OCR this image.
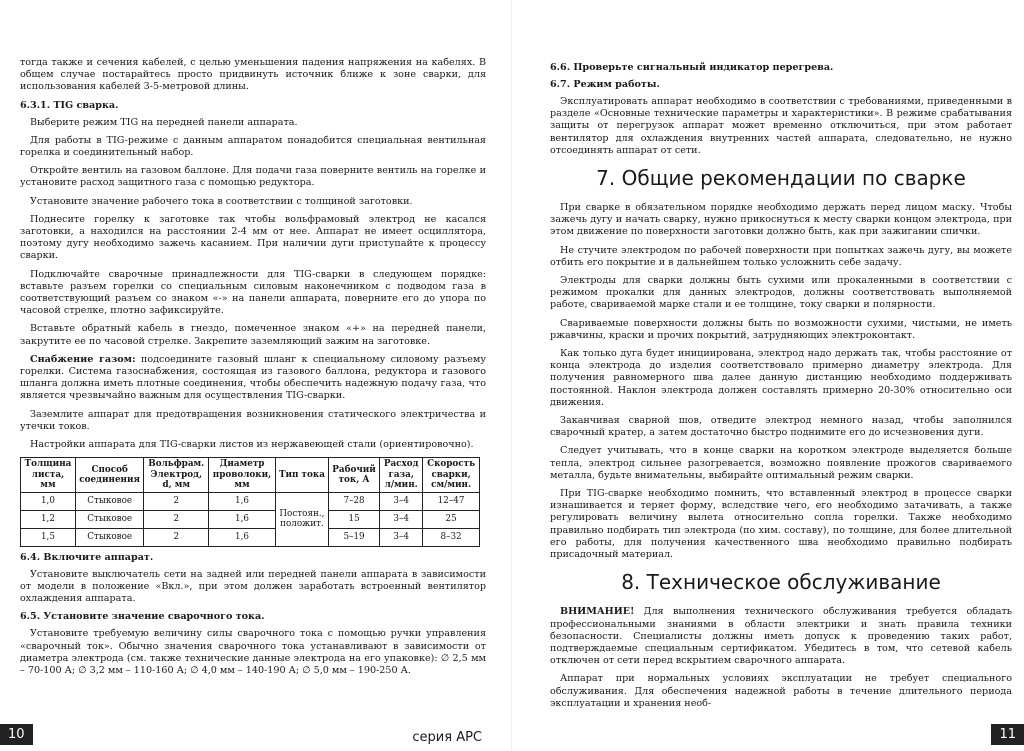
тогда также и сечения кабелей, с целью уменьшения падения напряжения на кабелях. В общем случае постарайтесь просто придвинуть источник ближе к зоне сварки, для использования кабелей 3-5-метровой длины.

6.3.1. TIG сварка.

Выберите режим TIG на передней панели аппарата.

Для работы в TIG-режиме с данным аппаратом понадобится специальная вентильная горелка и соединительный набор.

Откройте вентиль на газовом баллоне. Для подачи газа поверните вентиль на горелке и установите расход защитного газа с помощью редуктора.

Установите значение рабочего тока в соответствии с толщиной заготовки.

Поднесите горелку к заготовке так чтобы вольфрамовый электрод не касался заготовки, а находился на расстоянии 2-4 мм от нее. Аппарат не имеет осциллятора, поэтому дугу необходимо зажечь касанием. При наличии дуги приступайте к процессу сварки.

Подключайте сварочные принадлежности для TIG-сварки в следующем порядке: вставьте разъем горелки со специальным силовым наконечником с подводом газа в соответствующий разъем со знаком «-» на панели аппарата, поверните его до упора по часовой стрелке, плотно зафиксируйте.

Вставьте обратный кабель в гнездо, помеченное знаком «+» на передней панели, закрутите ее по часовой стрелке. Закрепите заземляющий зажим на заготовке.

Снабжение газом: подсоедините газовый шланг к специальному силовому разъему горелки. Система газоснабжения, состоящая из газового баллона, редуктора и газового шланга должна иметь плотные соединения, чтобы обеспечить надежную подачу газа, что является чрезвычайно важным для осуществления TIG-сварки.

Заземлите аппарат для предотвращения возникновения статического электричества и утечки токов.

Настройки аппарата для TIG-сварки листов из нержавеющей стали (ориентировочно).

Толщина листа, мм	Способ соединения	Вольфрам. Электрод, d, мм	Диаметр проволоки, мм	Тип тока	Рабочий ток, А	Расход газа, л/мин.	Скорость сварки, см/мин.
1,0	Стыковое	2	1,6	Постоян., положит.	7–28	3–4	12–47
1,2	Стыковое	2	1,6		15	3–4	25
1,5	Стыковое	2	1,6		5–19	3–4	8–32
6.4. Включите аппарат.

Установите выключатель сети на задней или передней панели аппарата в зависимости от модели в положение «Вкл.», при этом должен заработать встроенный вентилятор охлаждения аппарата.

6.5. Установите значение сварочного тока.

Установите требуемую величину силы сварочного тока с помощью ручки управления «сварочный ток». Обычно значения сварочного тока устанавливают в зависимости от диаметра электрода (см. также технические данные электрода на его упаковке): ∅ 2,5 мм – 70-100 А; ∅ 3,2 мм – 110-160 А; ∅ 4,0 мм – 140-190 А; ∅ 5,0 мм – 190-250 А.

10	серия АРС
6.6. Проверьте сигнальный индикатор перегрева.
6.7. Режим работы.

Эксплуатировать аппарат необходимо в соответствии с требованиями, приведенными в разделе «Основные технические параметры и характеристики». В режиме срабатывания защиты от перегрузок аппарат может временно отключиться, при этом работает вентилятор для охлаждения внутренних частей аппарата, следовательно, не нужно отсоединять аппарат от сети.

7. Общие рекомендации по сварке

При сварке в обязательном порядке необходимо держать перед лицом маску. Чтобы зажечь дугу и начать сварку, нужно прикоснуться к месту сварки концом электрода, при этом движение по поверхности заготовки должно быть, как при зажигании спички.

Не стучите электродом по рабочей поверхности при попытках зажечь дугу, вы можете отбить его покрытие и в дальнейшем только усложнить себе задачу.

Электроды для сварки должны быть сухими или прокаленными в соответствии с режимом прокалки для данных электродов, должны соответствовать выполняемой работе, свариваемой марке стали и ее толщине, току сварки и полярности.

Свариваемые поверхности должны быть по возможности сухими, чистыми, не иметь ржавчины, краски и прочих покрытий, затрудняющих электроконтакт.

Как только дуга будет инициирована, электрод надо держать так, чтобы расстояние от конца электрода до изделия соответствовало примерно диаметру электрода. Для получения равномерного шва далее данную дистанцию необходимо поддерживать постоянной. Наклон электрода должен составлять примерно 20-30% относительно оси движения.

Заканчивая сварной шов, отведите электрод немного назад, чтобы заполнился сварочный кратер, а затем достаточно быстро поднимите его до исчезновения дуги.

Следует учитывать, что в конце сварки на коротком электроде выделяется больше тепла, электрод сильнее разогревается, возможно появление прожогов свариваемого металла, будьте внимательны, выбирайте оптимальный режим сварки.

При TIG-сварке необходимо помнить, что вставленный электрод в процессе сварки изнашивается и теряет форму, вследствие чего, его необходимо затачивать, а также регулировать величину вылета относительно сопла горелки. Также необходимо правильно подбирать тип электрода (по хим. составу), по толщине, для более длительной его работы, для получения качественного шва необходимо правильно подбирать присадочный материал.

8. Техническое обслуживание

ВНИМАНИЕ! Для выполнения технического обслуживания требуется обладать профессиональными знаниями в области электрики и знать правила техники безопасности. Специалисты должны иметь допуск к проведению таких работ, подтверждаемые специальным сертификатом. Убедитесь в том, что сетевой кабель отключен от сети перед вскрытием сварочного аппарата.

Аппарат при нормальных условиях эксплуатации не требует специального обслуживания. Для обеспечения надежной работы в течение длительного периода эксплуатации и хранения необ-

11
